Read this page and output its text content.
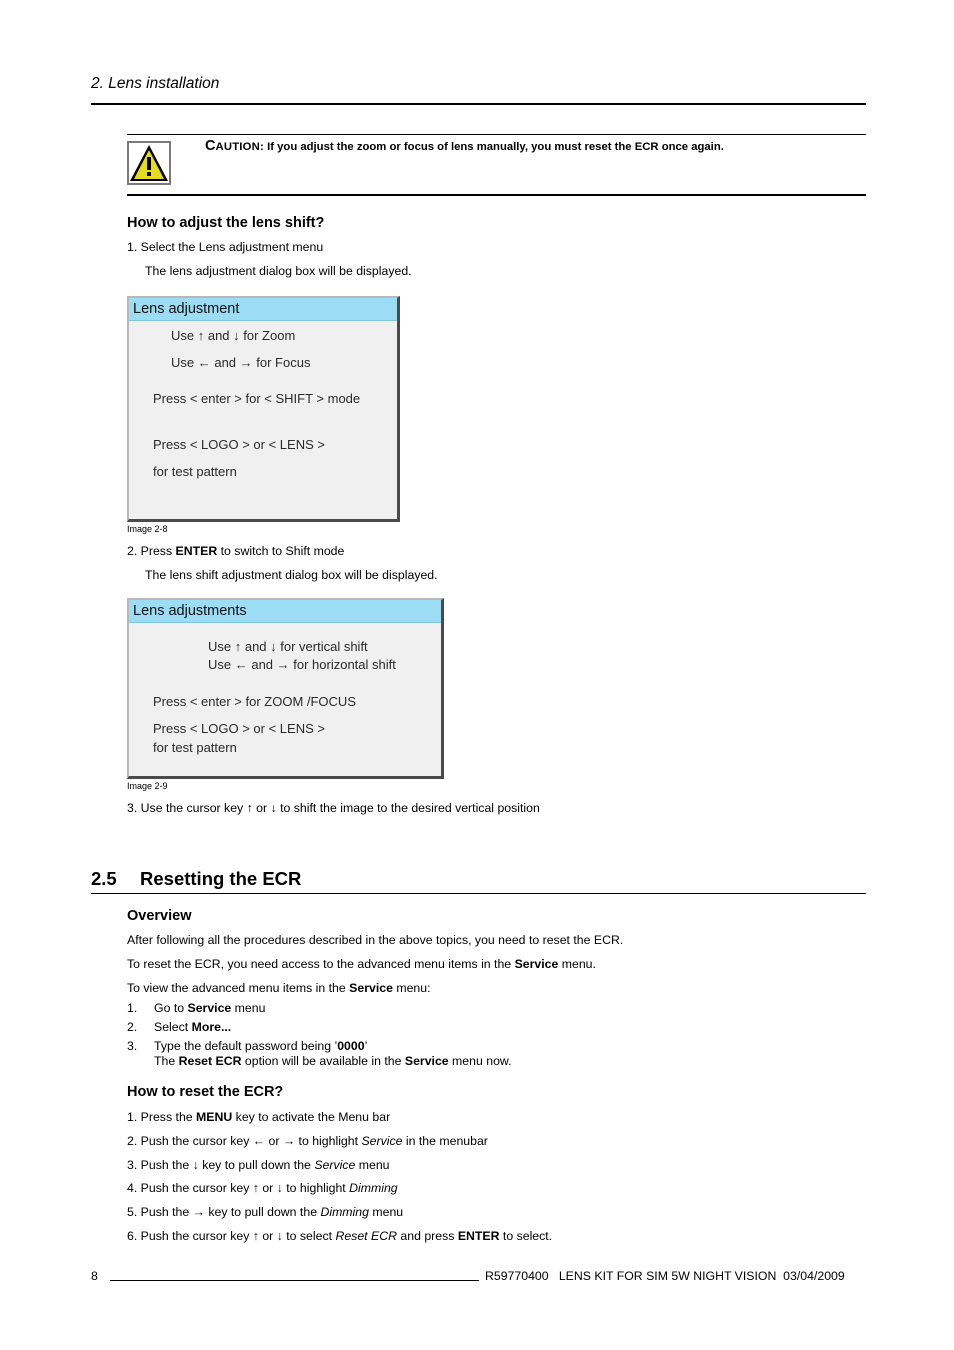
2. Lens installation
CAUTION: If you adjust the zoom or focus of lens manually, you must reset the ECR once again.
How to adjust the lens shift?
1. Select the Lens adjustment menu
The lens adjustment dialog box will be displayed.
Lens adjustment
Use ↑ and ↓ for Zoom
Use ← and → for Focus
Press < enter > for < SHIFT > mode
Press < LOGO > or < LENS >
for test pattern
Image 2-8
2. Press ENTER to switch to Shift mode
The lens shift adjustment dialog box will be displayed.
Lens adjustments
Use ↑ and ↓ for vertical shift
Use ← and → for horizontal shift
Press < enter > for ZOOM /FOCUS
Press < LOGO > or < LENS >
for test pattern
Image 2-9
3. Use the cursor key ↑ or ↓ to shift the image to the desired vertical position
2.5 Resetting the ECR
Overview
After following all the procedures described in the above topics, you need to reset the ECR.
To reset the ECR, you need access to the advanced menu items in the Service menu.
To view the advanced menu items in the Service menu:
1. Go to Service menu
2. Select More...
3. Type the default password being ’0000’
The Reset ECR option will be available in the Service menu now.
How to reset the ECR?
1. Press the MENU key to activate the Menu bar
2. Push the cursor key ← or → to highlight Service in the menubar
3. Push the ↓ key to pull down the Service menu
4. Push the cursor key ↑ or ↓ to highlight Dimming
5. Push the → key to pull down the Dimming menu
6. Push the cursor key ↑ or ↓ to select Reset ECR and press ENTER to select.
8	R59770400   LENS KIT FOR SIM 5W NIGHT VISION  03/04/2009
